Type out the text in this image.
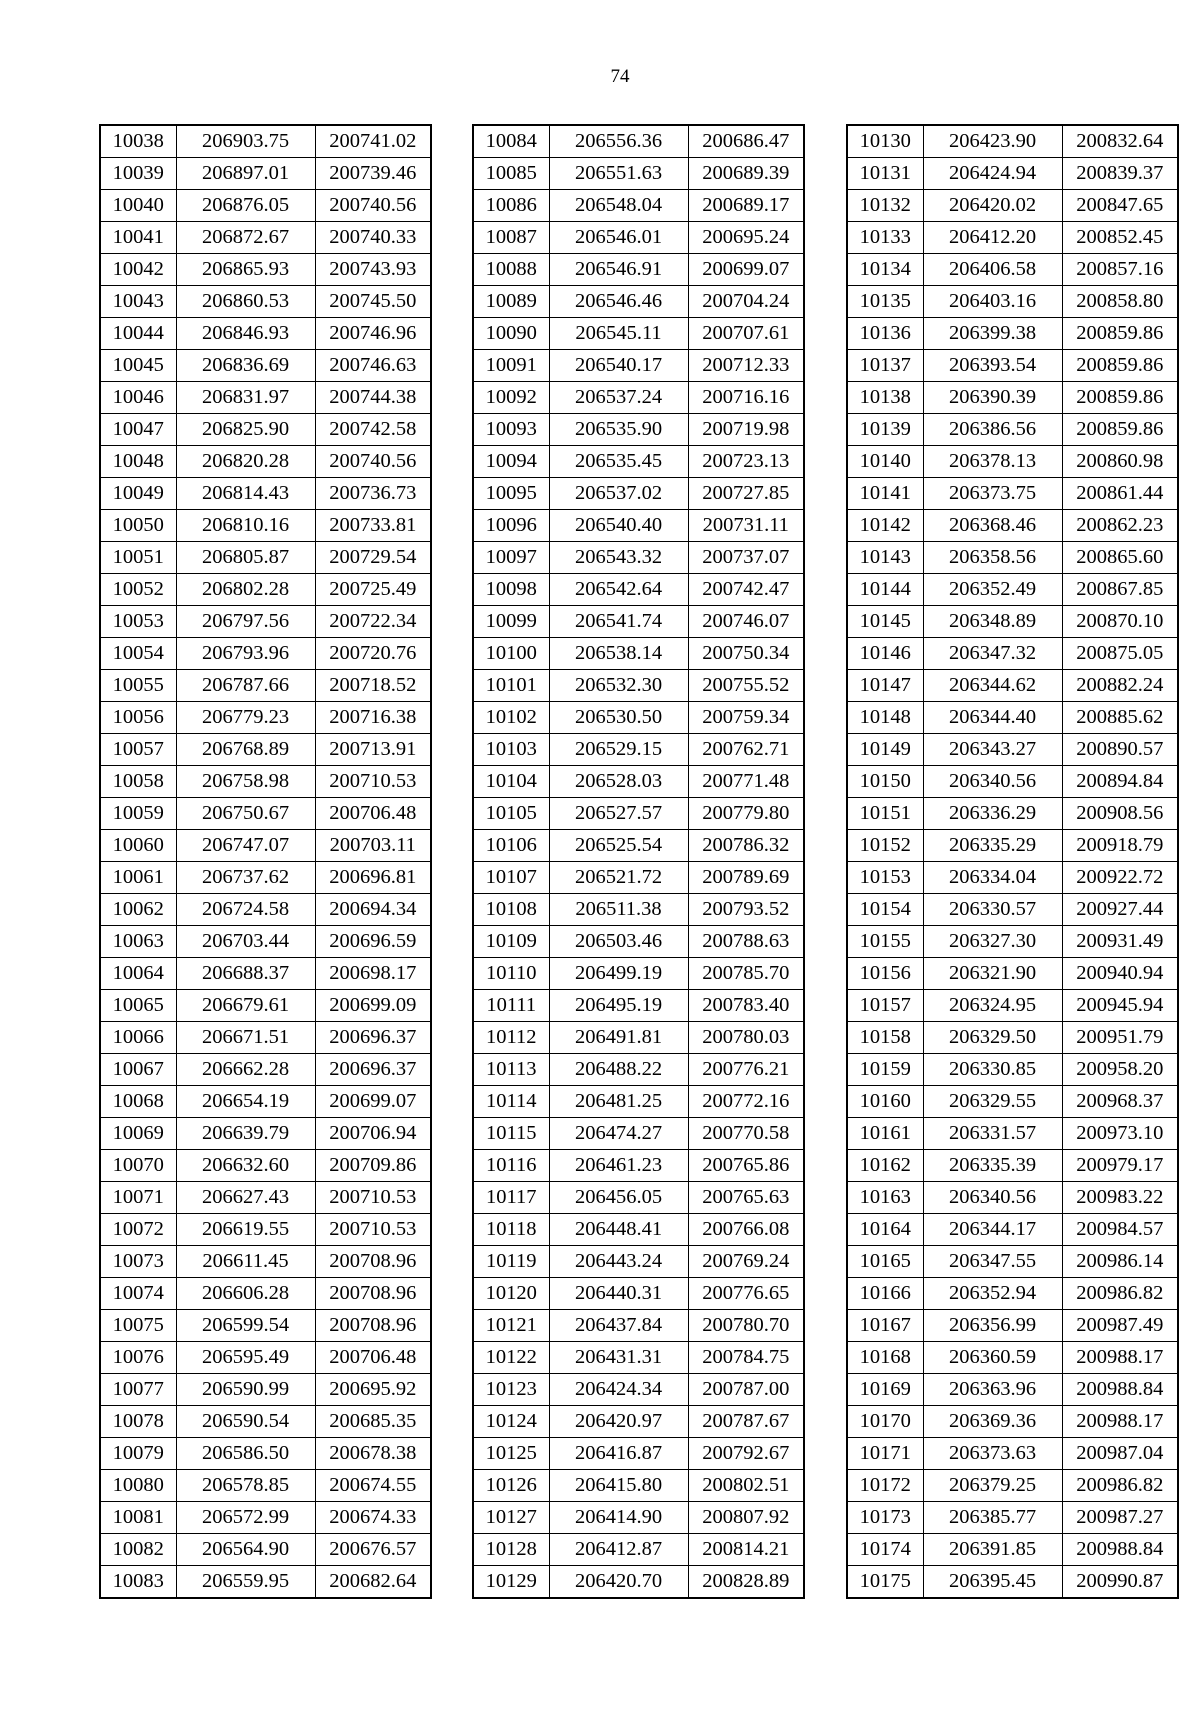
74
10038	206903.75	200741.02
10039	206897.01	200739.46
10040	206876.05	200740.56
10041	206872.67	200740.33
10042	206865.93	200743.93
10043	206860.53	200745.50
10044	206846.93	200746.96
10045	206836.69	200746.63
10046	206831.97	200744.38
10047	206825.90	200742.58
10048	206820.28	200740.56
10049	206814.43	200736.73
10050	206810.16	200733.81
10051	206805.87	200729.54
10052	206802.28	200725.49
10053	206797.56	200722.34
10054	206793.96	200720.76
10055	206787.66	200718.52
10056	206779.23	200716.38
10057	206768.89	200713.91
10058	206758.98	200710.53
10059	206750.67	200706.48
10060	206747.07	200703.11
10061	206737.62	200696.81
10062	206724.58	200694.34
10063	206703.44	200696.59
10064	206688.37	200698.17
10065	206679.61	200699.09
10066	206671.51	200696.37
10067	206662.28	200696.37
10068	206654.19	200699.07
10069	206639.79	200706.94
10070	206632.60	200709.86
10071	206627.43	200710.53
10072	206619.55	200710.53
10073	206611.45	200708.96
10074	206606.28	200708.96
10075	206599.54	200708.96
10076	206595.49	200706.48
10077	206590.99	200695.92
10078	206590.54	200685.35
10079	206586.50	200678.38
10080	206578.85	200674.55
10081	206572.99	200674.33
10082	206564.90	200676.57
10083	206559.95	200682.64
10084	206556.36	200686.47
10085	206551.63	200689.39
10086	206548.04	200689.17
10087	206546.01	200695.24
10088	206546.91	200699.07
10089	206546.46	200704.24
10090	206545.11	200707.61
10091	206540.17	200712.33
10092	206537.24	200716.16
10093	206535.90	200719.98
10094	206535.45	200723.13
10095	206537.02	200727.85
10096	206540.40	200731.11
10097	206543.32	200737.07
10098	206542.64	200742.47
10099	206541.74	200746.07
10100	206538.14	200750.34
10101	206532.30	200755.52
10102	206530.50	200759.34
10103	206529.15	200762.71
10104	206528.03	200771.48
10105	206527.57	200779.80
10106	206525.54	200786.32
10107	206521.72	200789.69
10108	206511.38	200793.52
10109	206503.46	200788.63
10110	206499.19	200785.70
10111	206495.19	200783.40
10112	206491.81	200780.03
10113	206488.22	200776.21
10114	206481.25	200772.16
10115	206474.27	200770.58
10116	206461.23	200765.86
10117	206456.05	200765.63
10118	206448.41	200766.08
10119	206443.24	200769.24
10120	206440.31	200776.65
10121	206437.84	200780.70
10122	206431.31	200784.75
10123	206424.34	200787.00
10124	206420.97	200787.67
10125	206416.87	200792.67
10126	206415.80	200802.51
10127	206414.90	200807.92
10128	206412.87	200814.21
10129	206420.70	200828.89
10130	206423.90	200832.64
10131	206424.94	200839.37
10132	206420.02	200847.65
10133	206412.20	200852.45
10134	206406.58	200857.16
10135	206403.16	200858.80
10136	206399.38	200859.86
10137	206393.54	200859.86
10138	206390.39	200859.86
10139	206386.56	200859.86
10140	206378.13	200860.98
10141	206373.75	200861.44
10142	206368.46	200862.23
10143	206358.56	200865.60
10144	206352.49	200867.85
10145	206348.89	200870.10
10146	206347.32	200875.05
10147	206344.62	200882.24
10148	206344.40	200885.62
10149	206343.27	200890.57
10150	206340.56	200894.84
10151	206336.29	200908.56
10152	206335.29	200918.79
10153	206334.04	200922.72
10154	206330.57	200927.44
10155	206327.30	200931.49
10156	206321.90	200940.94
10157	206324.95	200945.94
10158	206329.50	200951.79
10159	206330.85	200958.20
10160	206329.55	200968.37
10161	206331.57	200973.10
10162	206335.39	200979.17
10163	206340.56	200983.22
10164	206344.17	200984.57
10165	206347.55	200986.14
10166	206352.94	200986.82
10167	206356.99	200987.49
10168	206360.59	200988.17
10169	206363.96	200988.84
10170	206369.36	200988.17
10171	206373.63	200987.04
10172	206379.25	200986.82
10173	206385.77	200987.27
10174	206391.85	200988.84
10175	206395.45	200990.87
